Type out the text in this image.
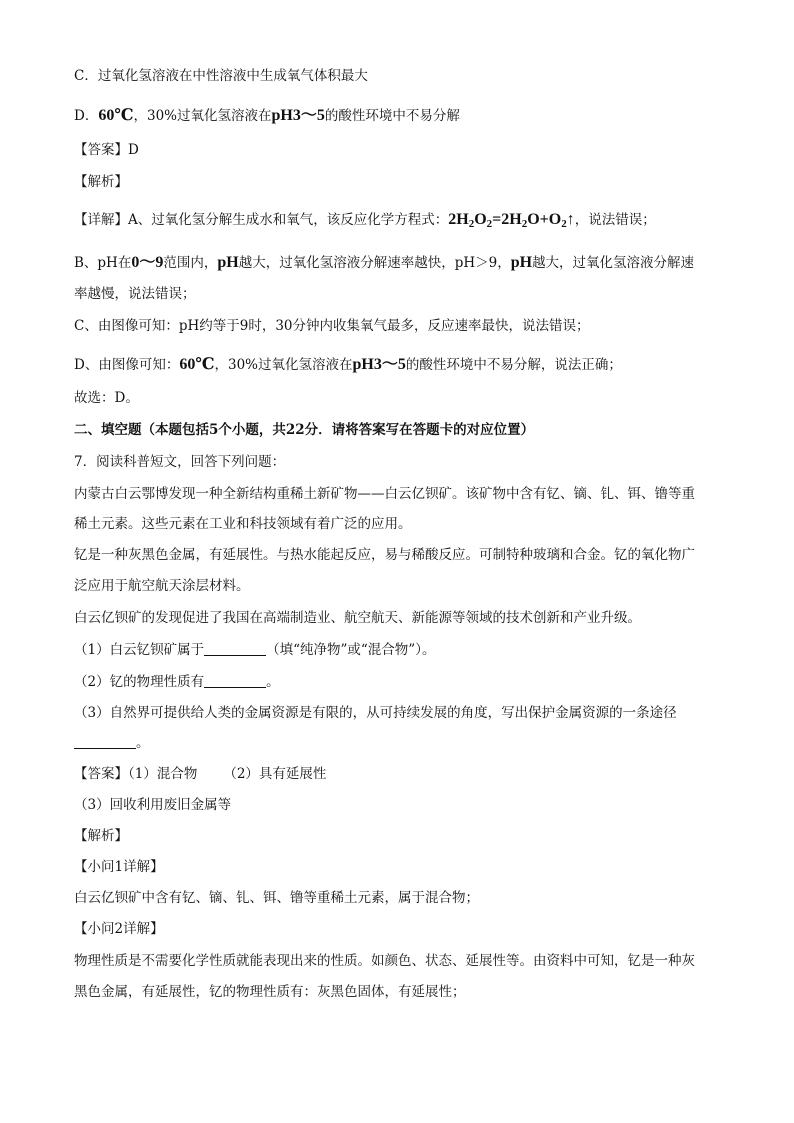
C．过氧化氢溶液在中性溶液中生成氧气体积最大
D．60℃，30%过氧化氢溶液在pH3～5的酸性环境中不易分解
【答案】D
【解析】
【详解】A、过氧化氢分解生成水和氧气，该反应化学方程式：$2H_2O_2=2H_2O+O_2↑$，说法错误；
B、pH在0～9范围内，pH越大，过氧化氢溶液分解速率越快，pH＞9，pH越大，过氧化氢溶液分解速
率越慢，说法错误；
C、由图像可知：pH约等于9时，30分钟内收集氧气最多，反应速率最快，说法错误；
D、由图像可知：60℃，30%过氧化氢溶液在pH3～5的酸性环境中不易分解，说法正确；
故选：D。
二、填空题（本题包括5个小题，共22分．请将答案写在答题卡的对应位置）
7．阅读科普短文，回答下列问题：
内蒙古白云鄂博发现一种全新结构重稀土新矿物——白云亿钡矿。该矿物中含有钇、镝、钆、铒、镥等重
稀土元素。这些元素在工业和科技领域有着广泛的应用。
钇是一种灰黑色金属，有延展性。与热水能起反应，易与稀酸反应。可制特种玻璃和合金。钇的氧化物广
泛应用于航空航天涂层材料。
白云亿钡矿的发现促进了我国在高端制造业、航空航天、新能源等领域的技术创新和产业升级。
（1）白云钇钡矿属于	（填“纯净物”或“混合物”）。
（2）钇的物理性质有	。
（3）自然界可提供给人类的金属资源是有限的，从可持续发展的角度，写出保护金属资源的一条途径
。
【答案】（1）混合物 （2）具有延展性
（3）回收利用废旧金属等
【解析】
【小问1详解】
白云亿钡矿中含有钇、镝、钆、铒、镥等重稀土元素，属于混合物；
【小问2详解】
物理性质是不需要化学性质就能表现出来的性质。如颜色、状态、延展性等。由资料中可知，钇是一种灰
黑色金属，有延展性，钇的物理性质有：灰黑色固体，有延展性；
